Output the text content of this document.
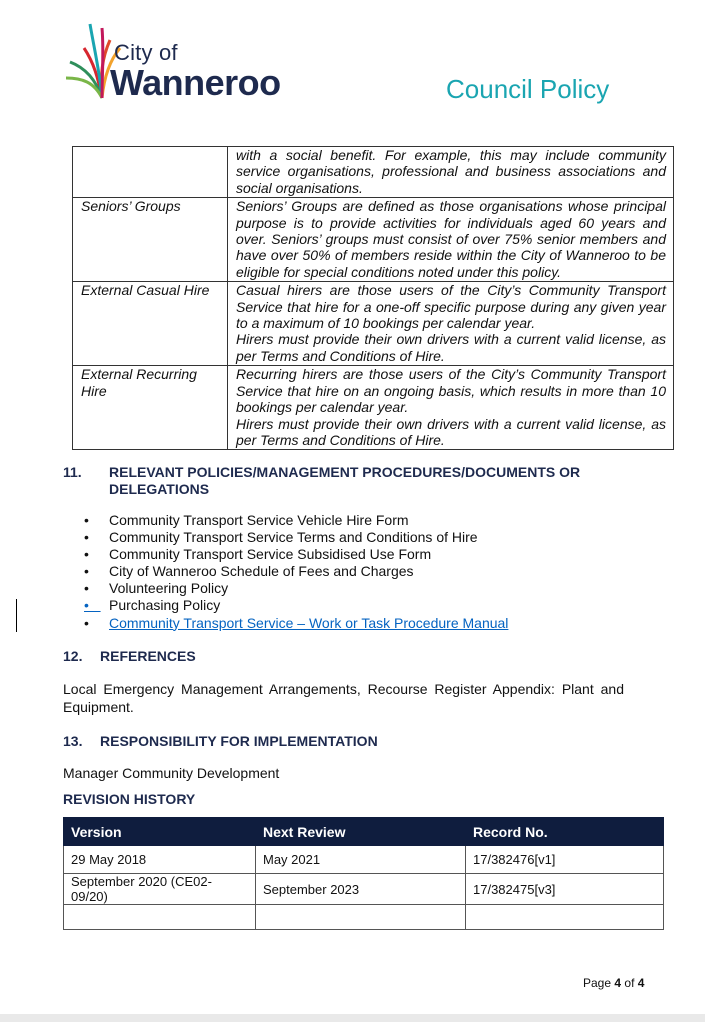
City of
Wanneroo	Council Policy

	with a social benefit. For example, this may include community service organisations, professional and business associations and social organisations.

Seniors’ Groups	Seniors’ Groups are defined as those organisations whose principal purpose is to provide activities for individuals aged 60 years and over. Seniors’ groups must consist of over 75% senior members and have over 50% of members reside within the City of Wanneroo to be eligible for special conditions noted under this policy.

External Casual Hire	Casual hirers are those users of the City’s Community Transport Service that hire for a one-off specific purpose during any given year to a maximum of 10 bookings per calendar year.

Hirers must provide their own drivers with a current valid license, as per Terms and Conditions of Hire.

External Recurring Hire	Recurring hirers are those users of the City’s Community Transport Service that hire on an ongoing basis, which results in more than 10 bookings per calendar year.

Hirers must provide their own drivers with a current valid license, as per Terms and Conditions of Hire.

11. RELEVANT POLICIES/MANAGEMENT PROCEDURES/DOCUMENTS OR
DELEGATIONS
• Community Transport Service Vehicle Hire Form
• Community Transport Service Terms and Conditions of Hire
• Community Transport Service Subsidised Use Form
• City of Wanneroo Schedule of Fees and Charges
• Volunteering Policy
• Purchasing Policy
• Community Transport Service – Work or Task Procedure Manual
12. REFERENCES
Local Emergency Management Arrangements, Recourse Register Appendix: Plant and Equipment.
13. RESPONSIBILITY FOR IMPLEMENTATION
Manager Community Development
REVISION HISTORY
Version	Next Review	Record No.
29 May 2018	May 2021	17/382476[v1]
September 2020 (CE02-09/20)	September 2023	17/382475[v3]

Page 4 of 4
